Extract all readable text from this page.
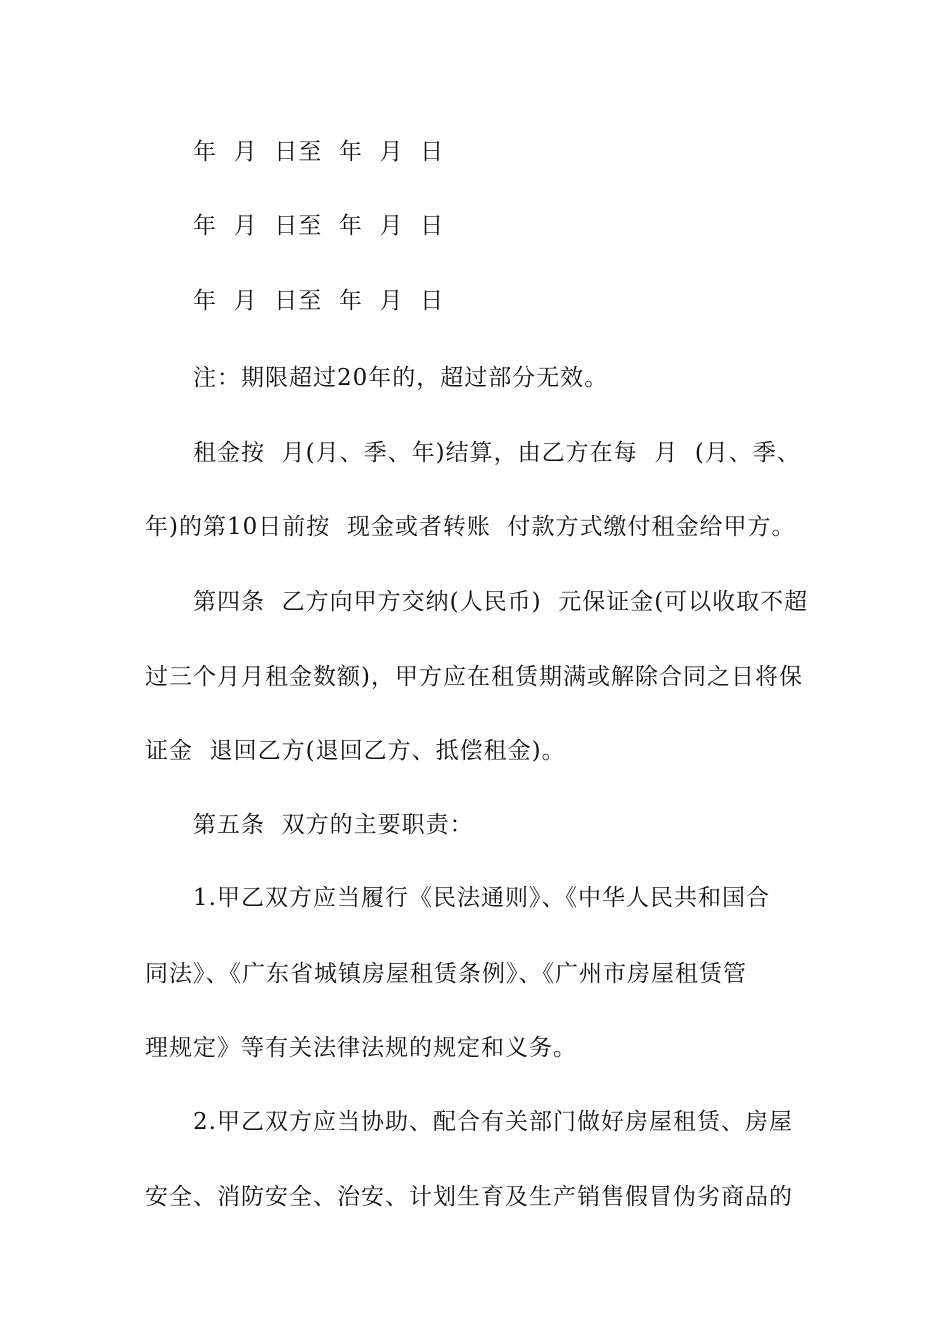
年  月  日至  年  月  日
年  月  日至  年  月  日
年  月  日至  年  月  日
注：期限超过20年的，超过部分无效。
租金按  月(月、季、年)结算，由乙方在每  月  (月、季、
年)的第10日前按  现金或者转账  付款方式缴付租金给甲方。
第四条  乙方向甲方交纳(人民币)  元保证金(可以收取不超
过三个月月租金数额)，甲方应在租赁期满或解除合同之日将保
证金  退回乙方(退回乙方、抵偿租金)。
第五条  双方的主要职责：
1.甲乙双方应当履行《民法通则》、《中华人民共和国合
同法》、《广东省城镇房屋租赁条例》、《广州市房屋租赁管
理规定》等有关法律法规的规定和义务。
2.甲乙双方应当协助、配合有关部门做好房屋租赁、房屋
安全、消防安全、治安、计划生育及生产销售假冒伪劣商品的
